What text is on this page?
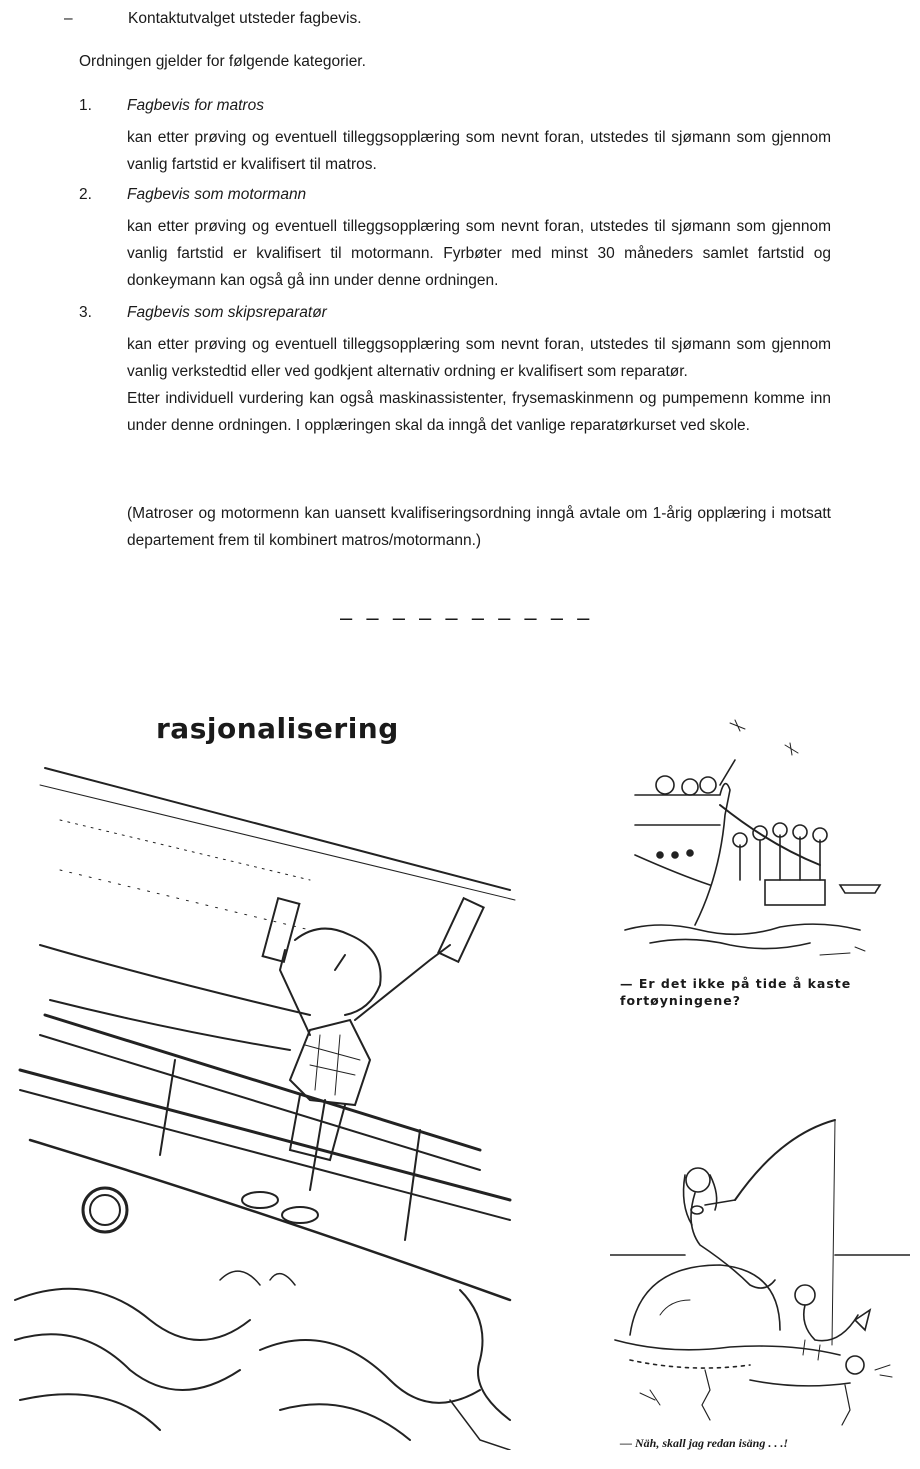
–	Kontaktutvalget utsteder fagbevis.
Ordningen gjelder for følgende kategorier.
1. Fagbevis for matros
kan etter prøving og eventuell tilleggsopplæring som nevnt foran, utstedes til sjømann som gjennom vanlig fartstid er kvalifisert til matros.
2. Fagbevis som motormann
kan etter prøving og eventuell tilleggsopplæring som nevnt foran, utstedes til sjømann som gjennom vanlig fartstid er kvalifisert til motormann. Fyrbøter med minst 30 måneders samlet fartstid og donkeymann kan også gå inn under denne ordningen.
3. Fagbevis som skipsreparatør
kan etter prøving og eventuell tilleggsopplæring som nevnt foran, utstedes til sjømann som gjennom vanlig verkstedtid eller ved godkjent alternativ ordning er kvalifisert som reparatør.
Etter individuell vurdering kan også maskinassistenter, frysemaskinmenn og pumpemenn komme inn under denne ordningen. I opplæringen skal da inngå det vanlige reparatørkurset ved skole.
(Matroser og motormenn kan uansett kvalifiseringsordning inngå avtale om 1-årig opplæring i motsatt departement frem til kombinert matros/motormann.)
– – – – – – – – – –
rasjonalisering
— Er det ikke på tide å kaste fortøyningene?
— Näh, skall jag redan isäng . . .!
